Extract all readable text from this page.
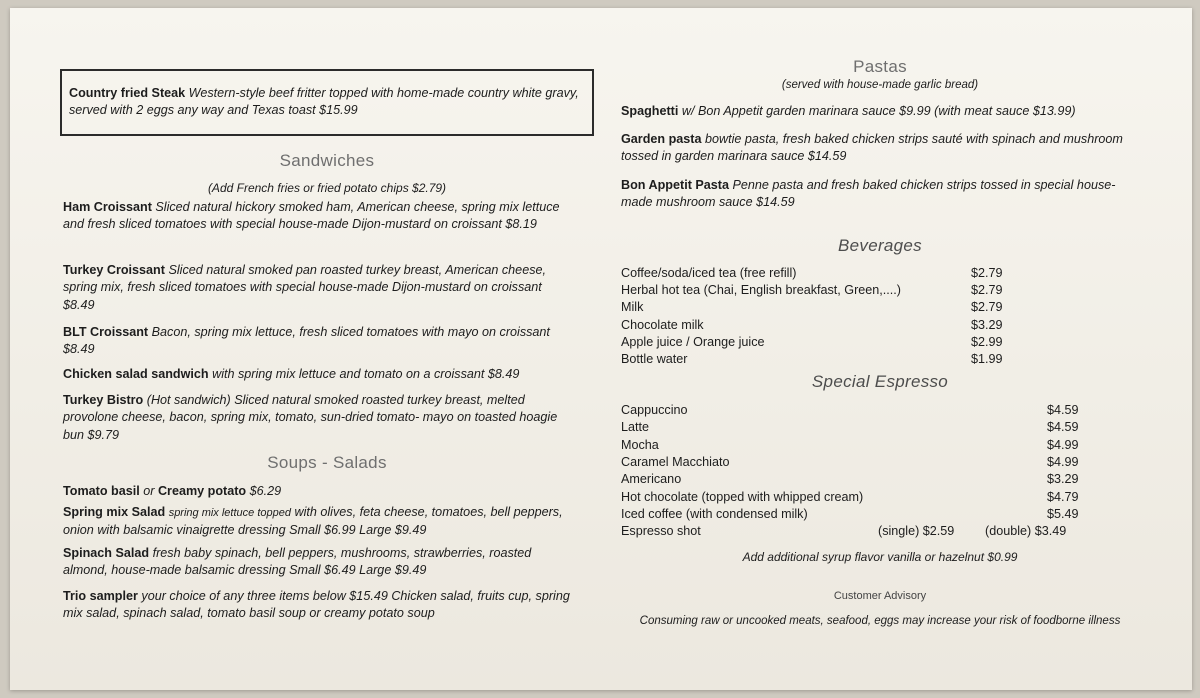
Country fried Steak Western-style beef fritter topped with home-made country white gravy, served with 2 eggs any way and Texas toast $15.99
Sandwiches
(Add French fries or fried potato chips $2.79)
Ham Croissant Sliced natural hickory smoked ham, American cheese, spring mix lettuce and fresh sliced tomatoes with special house-made Dijon-mustard on croissant $8.19
Turkey Croissant Sliced natural smoked pan roasted turkey breast, American cheese, spring mix, fresh sliced tomatoes with special house-made Dijon-mustard on croissant $8.49
BLT Croissant Bacon, spring mix lettuce, fresh sliced tomatoes with mayo on croissant $8.49
Chicken salad sandwich with spring mix lettuce and tomato on a croissant $8.49
Turkey Bistro (Hot sandwich) Sliced natural smoked roasted turkey breast, melted provolone cheese, bacon, spring mix, tomato, sun-dried tomato- mayo on toasted hoagie bun $9.79
Soups - Salads
Tomato basil or Creamy potato $6.29
Spring mix Salad spring mix lettuce topped with olives, feta cheese, tomatoes, bell peppers, onion with balsamic vinaigrette dressing Small $6.99 Large $9.49
Spinach Salad fresh baby spinach, bell peppers, mushrooms, strawberries, roasted almond, house-made balsamic dressing Small $6.49 Large $9.49
Trio sampler your choice of any three items below $15.49 Chicken salad, fruits cup, spring mix salad, spinach salad, tomato basil soup or creamy potato soup
Pastas
(served with house-made garlic bread)
Spaghetti w/ Bon Appetit garden marinara sauce $9.99 (with meat sauce $13.99)
Garden pasta bowtie pasta, fresh baked chicken strips sauté with spinach and mushroom tossed in garden marinara sauce $14.59
Bon Appetit Pasta Penne pasta and fresh baked chicken strips tossed in special house-made mushroom sauce $14.59
Beverages
Coffee/soda/iced tea (free refill)	$2.79
Herbal hot tea (Chai, English breakfast, Green,....)	$2.79
Milk	$2.79
Chocolate milk	$3.29
Apple juice / Orange juice	$2.99
Bottle water	$1.99
Special Espresso
Cappuccino	$4.59
Latte	$4.59
Mocha	$4.99
Caramel Macchiato	$4.99
Americano	$3.29
Hot chocolate (topped with whipped cream)	$4.79
Iced coffee (with condensed milk)	$5.49
Espresso shot	(single) $2.59 (double) $3.49
Add additional syrup flavor vanilla or hazelnut $0.99
Customer Advisory
Consuming raw or uncooked meats, seafood, eggs may increase your risk of foodborne illness
